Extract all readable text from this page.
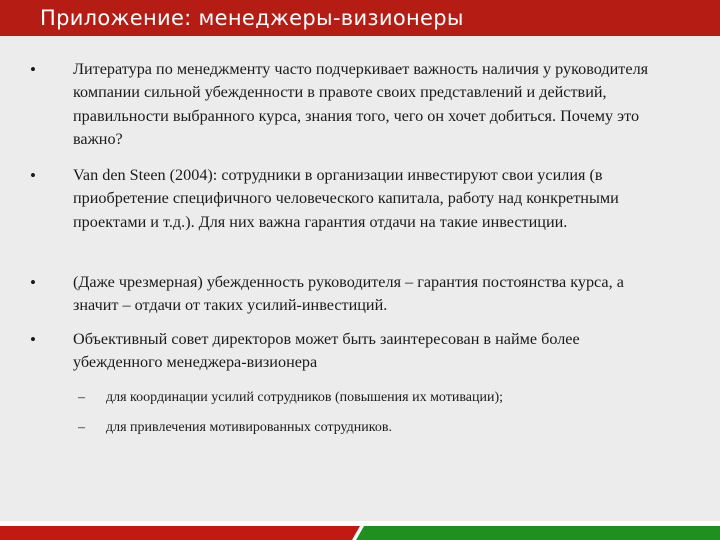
Приложение: менеджеры-визионеры
• Литература по менеджменту часто подчеркивает важность наличия у руководителя компании сильной убежденности в правоте своих представлений и действий, правильности выбранного курса, знания того, чего он хочет добиться. Почему это важно?
• Van den Steen (2004): сотрудники в организации инвестируют свои усилия (в приобретение специфичного человеческого капитала, работу над конкретными проектами и т.д.). Для них важна гарантия отдачи на такие инвестиции.
• (Даже чрезмерная) убежденность руководителя – гарантия постоянства курса, а значит – отдачи от таких усилий-инвестиций.
• Объективный совет директоров может быть заинтересован в найме более убежденного менеджера-визионера
– для координации усилий сотрудников (повышения их мотивации);
– для привлечения мотивированных сотрудников.
